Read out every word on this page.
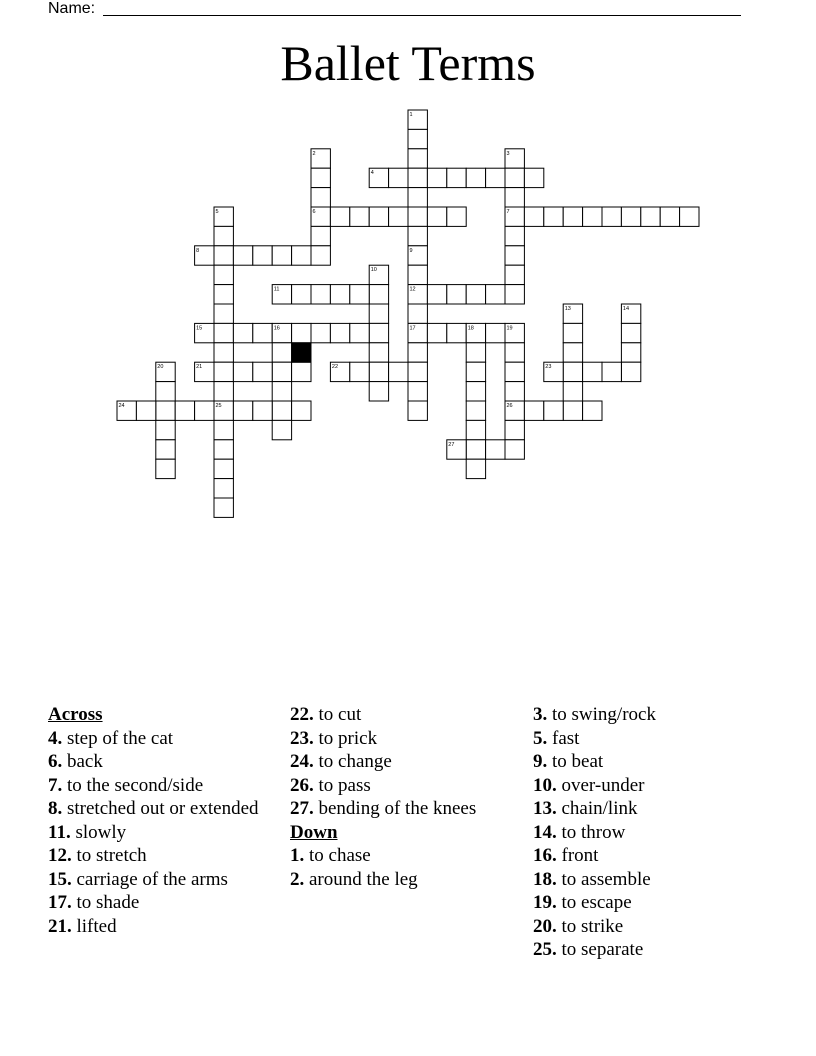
Name:
Ballet Terms
1
2	3
4
5	6	7
8	9
10
11	12
13	14
15	16	17	18	19
20	21	22	23
24	25	26
27
Across
4. step of the cat
6. back
7. to the second/side
8. stretched out or extended
11. slowly
12. to stretch
15. carriage of the arms
17. to shade
21. lifted
22. to cut
23. to prick
24. to change
26. to pass
27. bending of the knees
Down
1. to chase
2. around the leg
3. to swing/rock
5. fast
9. to beat
10. over-under
13. chain/link
14. to throw
16. front
18. to assemble
19. to escape
20. to strike
25. to separate
